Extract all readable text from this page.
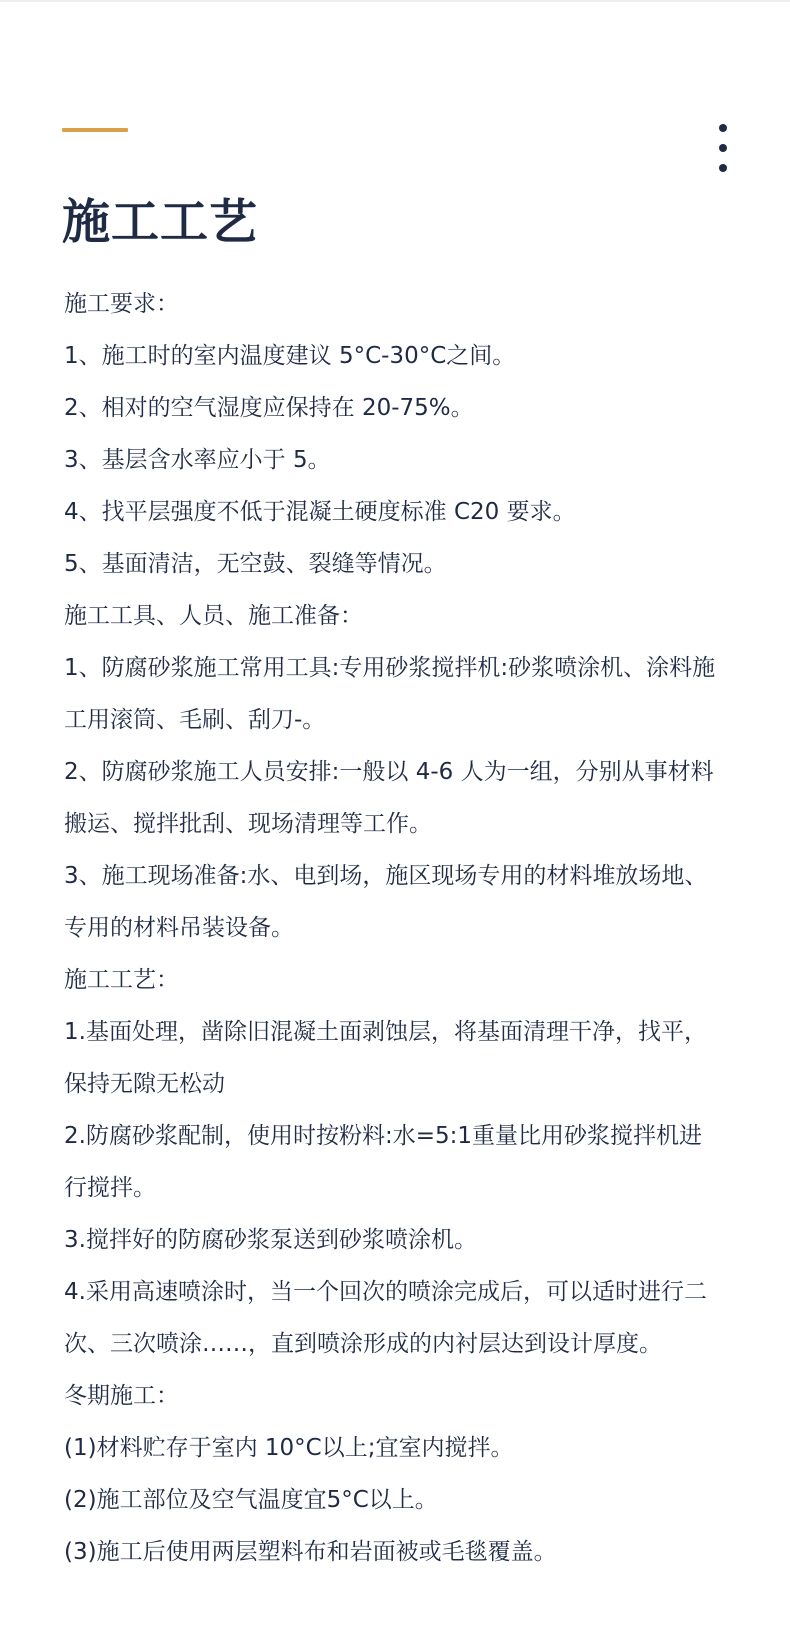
施工工艺

施工要求：

1、施工时的室内温度建议 5°C-30°C之间。

2、相对的空气湿度应保持在 20-75%。

3、基层含水率应小于 5。

4、找平层强度不低于混凝土硬度标准 C20 要求。

5、基面清洁，无空鼓、裂缝等情况。

施工工具、人员、施工准备：

1、防腐砂浆施工常用工具:专用砂浆搅拌机:砂浆喷涂机、涂料施工用滚筒、毛刷、刮刀-。

2、防腐砂浆施工人员安排:一般以 4-6 人为一组，分别从事材料搬运、搅拌批刮、现场清理等工作。

3、施工现场准备:水、电到场，施区现场专用的材料堆放场地、专用的材料吊装设备。

施工工艺：

1.基面处理，凿除旧混凝土面剥蚀层，将基面清理干净，找平，保持无隙无松动

2.防腐砂浆配制，使用时按粉料:水=5:1重量比用砂浆搅拌机进行搅拌。

3.搅拌好的防腐砂浆泵送到砂浆喷涂机。

4.采用高速喷涂时，当一个回次的喷涂完成后，可以适时进行二次、三次喷涂……，直到喷涂形成的内衬层达到设计厚度。

冬期施工：

(1)材料贮存于室内 10°C以上;宜室内搅拌。

(2)施工部位及空气温度宜5°C以上。

(3)施工后使用两层塑料布和岩面被或毛毯覆盖。
